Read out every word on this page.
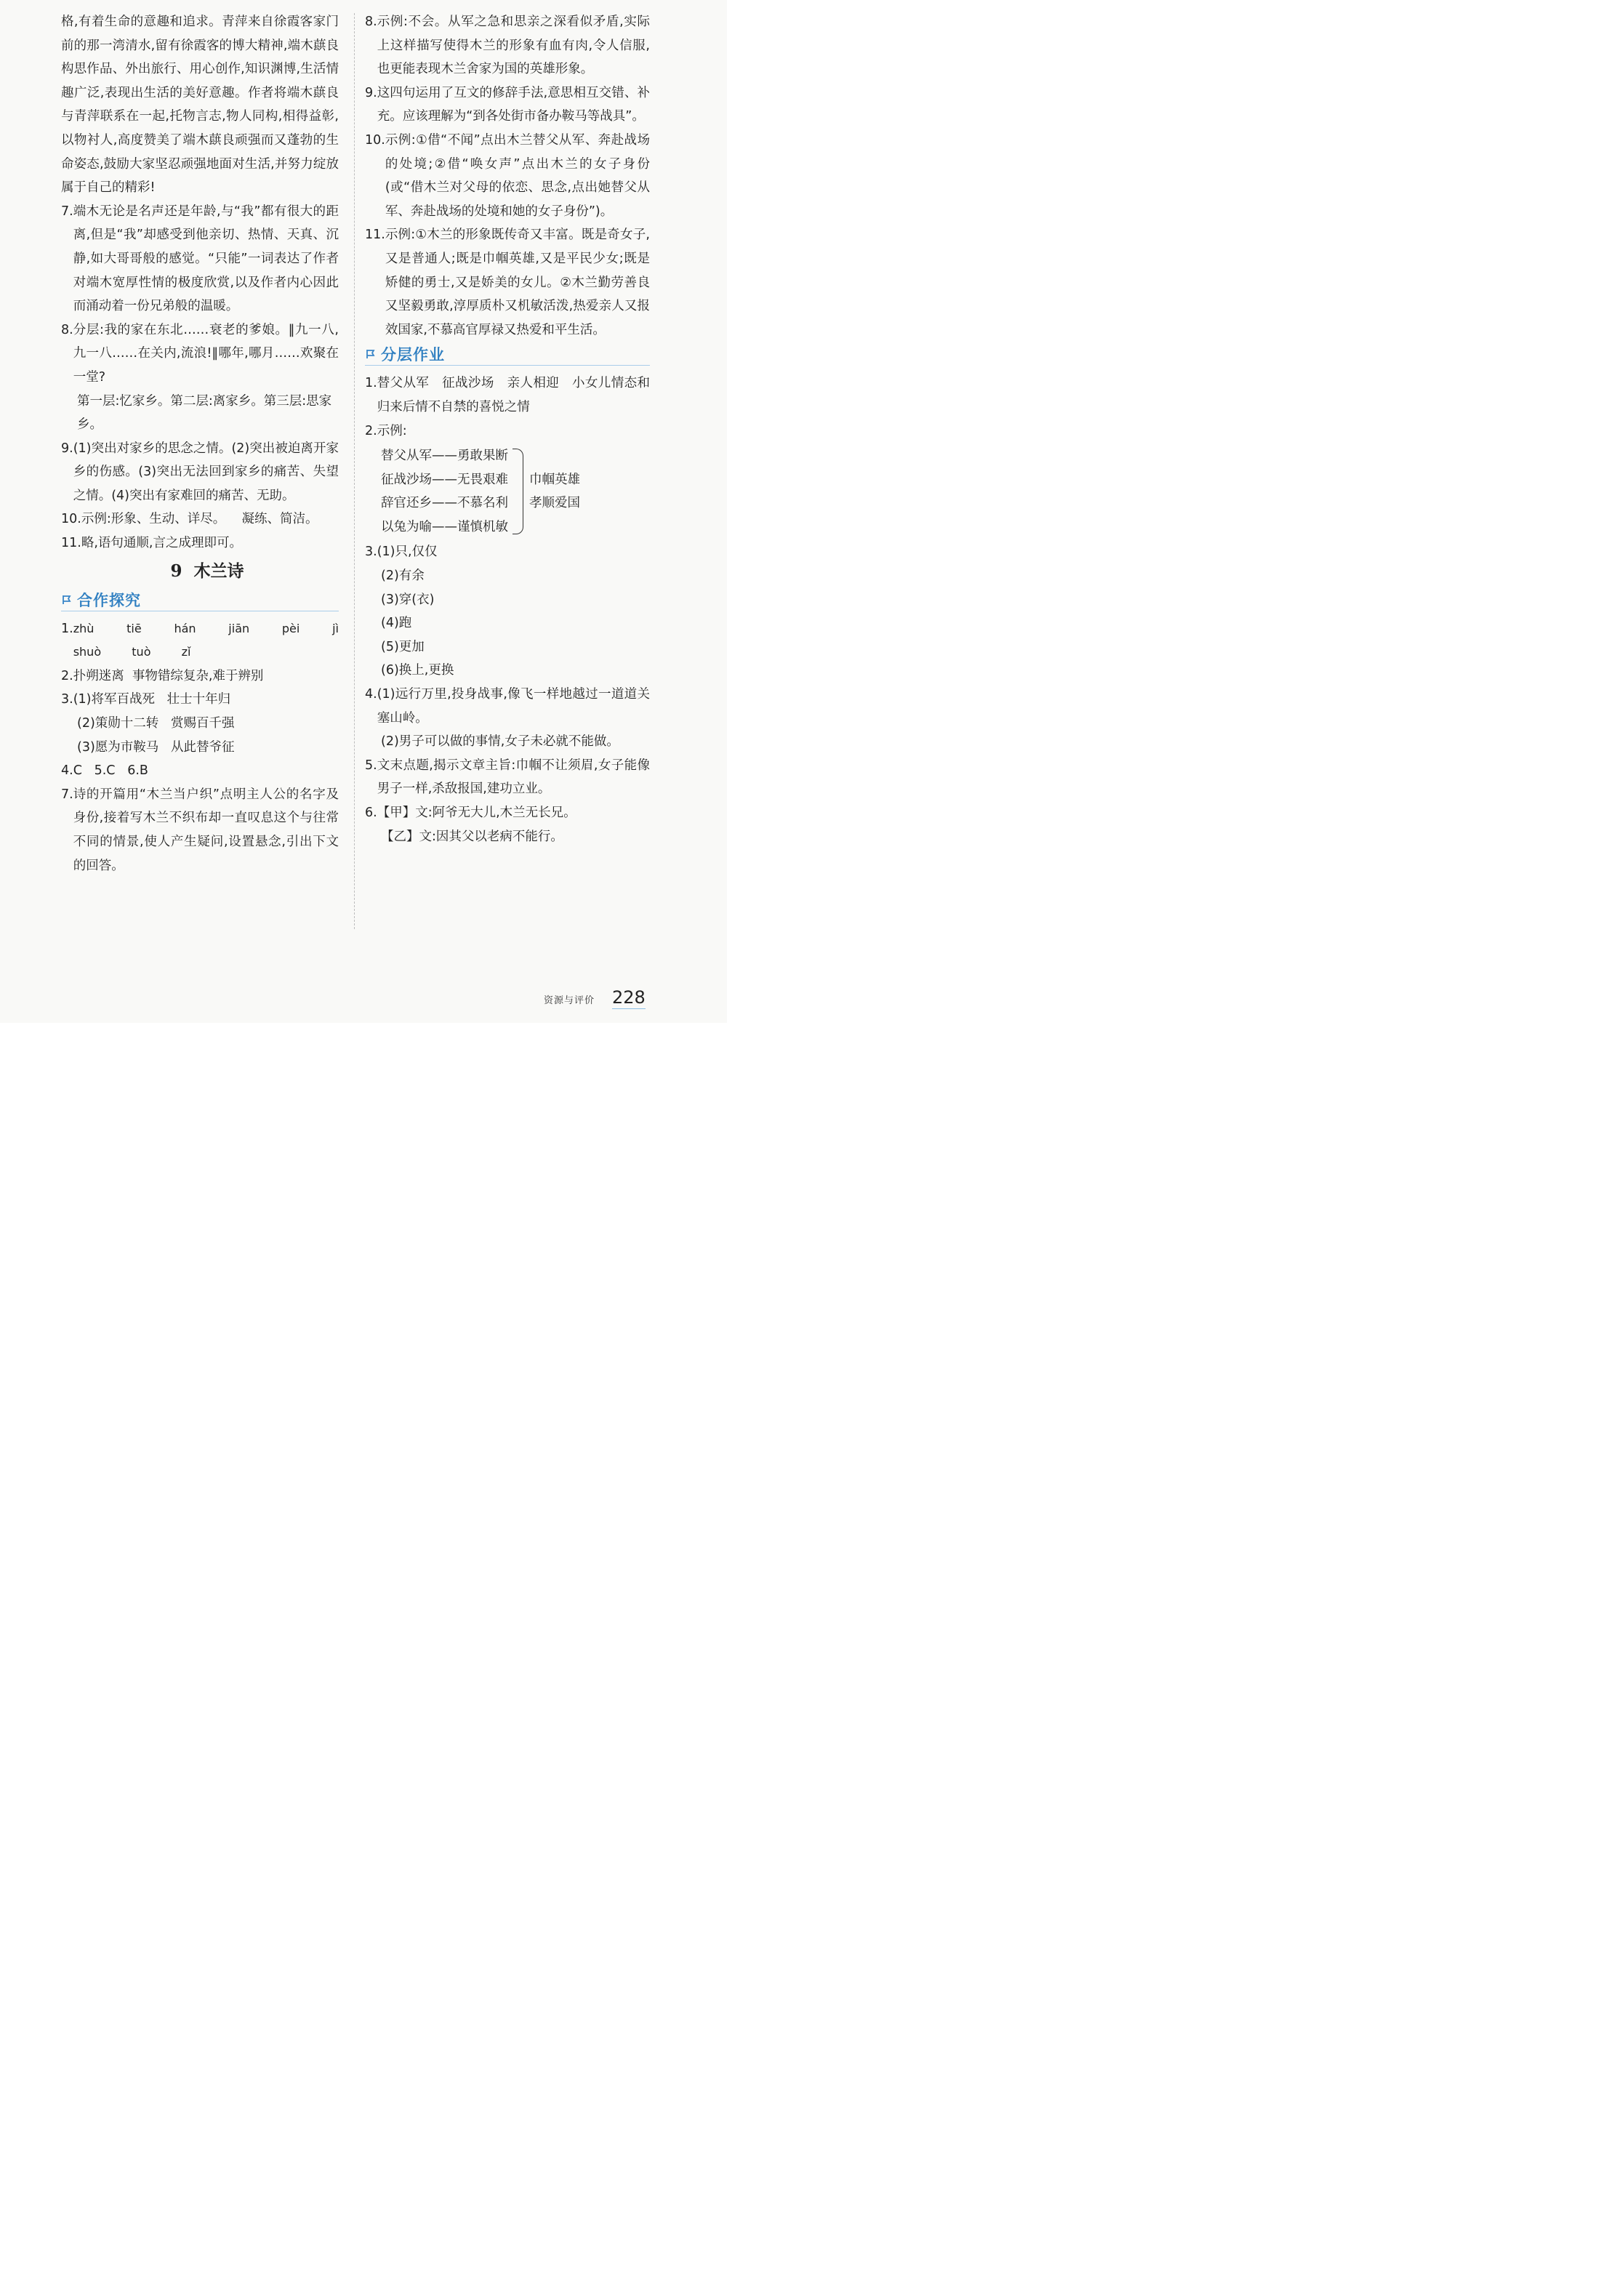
格,有着生命的意趣和追求。青萍来自徐霞客家门前的那一湾清水,留有徐霞客的博大精神,端木蕻良构思作品、外出旅行、用心创作,知识渊博,生活情趣广泛,表现出生活的美好意趣。作者将端木蕻良与青萍联系在一起,托物言志,物人同构,相得益彰,以物衬人,高度赞美了端木蕻良顽强而又蓬勃的生命姿态,鼓励大家坚忍顽强地面对生活,并努力绽放属于自己的精彩!

7. 端木无论是名声还是年龄,与“我”都有很大的距离,但是“我”却感受到他亲切、热情、天真、沉静,如大哥哥般的感觉。“只能”一词表达了作者对端木宽厚性情的极度欣赏,以及作者内心因此而涌动着一份兄弟般的温暖。
8. 分层:我的家在东北……衰老的爹娘。‖九一八,九一八……在关内,流浪!‖哪年,哪月……欢聚在一堂?

第一层:忆家乡。第二层:离家乡。第三层:思家乡。

9. (1)突出对家乡的思念之情。(2)突出被迫离开家乡的伤感。(3)突出无法回到家乡的痛苦、失望之情。(4)突出有家难回的痛苦、无助。
10. 示例:形象、生动、详尽。    凝练、简洁。
11. 略,语句通顺,言之成理即可。
9  木兰诗
合作探究
1. zhù  tiē  hán  jiān  pèi  jì  shuò  tuò  zǐ
2. 扑朔迷离  事物错综复杂,难于辨别
3. (1)将军百战死   壮士十年归

(2)策勋十二转   赏赐百千强

(3)愿为市鞍马   从此替爷征

4.C   5.C   6.B

7. 诗的开篇用“木兰当户织”点明主人公的名字及身份,接着写木兰不织布却一直叹息这个与往常不同的情景,使人产生疑问,设置悬念,引出下文的回答。
8. 示例:不会。从军之急和思亲之深看似矛盾,实际上这样描写使得木兰的形象有血有肉,令人信服,也更能表现木兰舍家为国的英雄形象。
9. 这四句运用了互文的修辞手法,意思相互交错、补充。应该理解为“到各处街市备办鞍马等战具”。
10. 示例:①借“不闻”点出木兰替父从军、奔赴战场的处境;②借“唤女声”点出木兰的女子身份(或“借木兰对父母的依恋、思念,点出她替父从军、奔赴战场的处境和她的女子身份”)。
11. 示例:①木兰的形象既传奇又丰富。既是奇女子,又是普通人;既是巾帼英雄,又是平民少女;既是矫健的勇士,又是娇美的女儿。②木兰勤劳善良又坚毅勇敢,淳厚质朴又机敏活泼,热爱亲人又报效国家,不慕高官厚禄又热爱和平生活。
分层作业
1. 替父从军   征战沙场   亲人相迎   小女儿情态和归来后情不自禁的喜悦之情
2. 示例:
替父从军——勇敢果断
征战沙场——无畏艰难
辞官还乡——不慕名利
以兔为喻——谨慎机敏
巾帼英雄
孝顺爱国
3. (1)只,仅仅

(2)有余

(3)穿(衣)

(4)跑

(5)更加

(6)换上,更换

4. (1)远行万里,投身战事,像飞一样地越过一道道关塞山岭。

(2)男子可以做的事情,女子未必就不能做。

5. 文末点题,揭示文章主旨:巾帼不让须眉,女子能像男子一样,杀敌报国,建功立业。
6. 【甲】文:阿爷无大儿,木兰无长兄。

【乙】文:因其父以老病不能行。

资源与评价 228
